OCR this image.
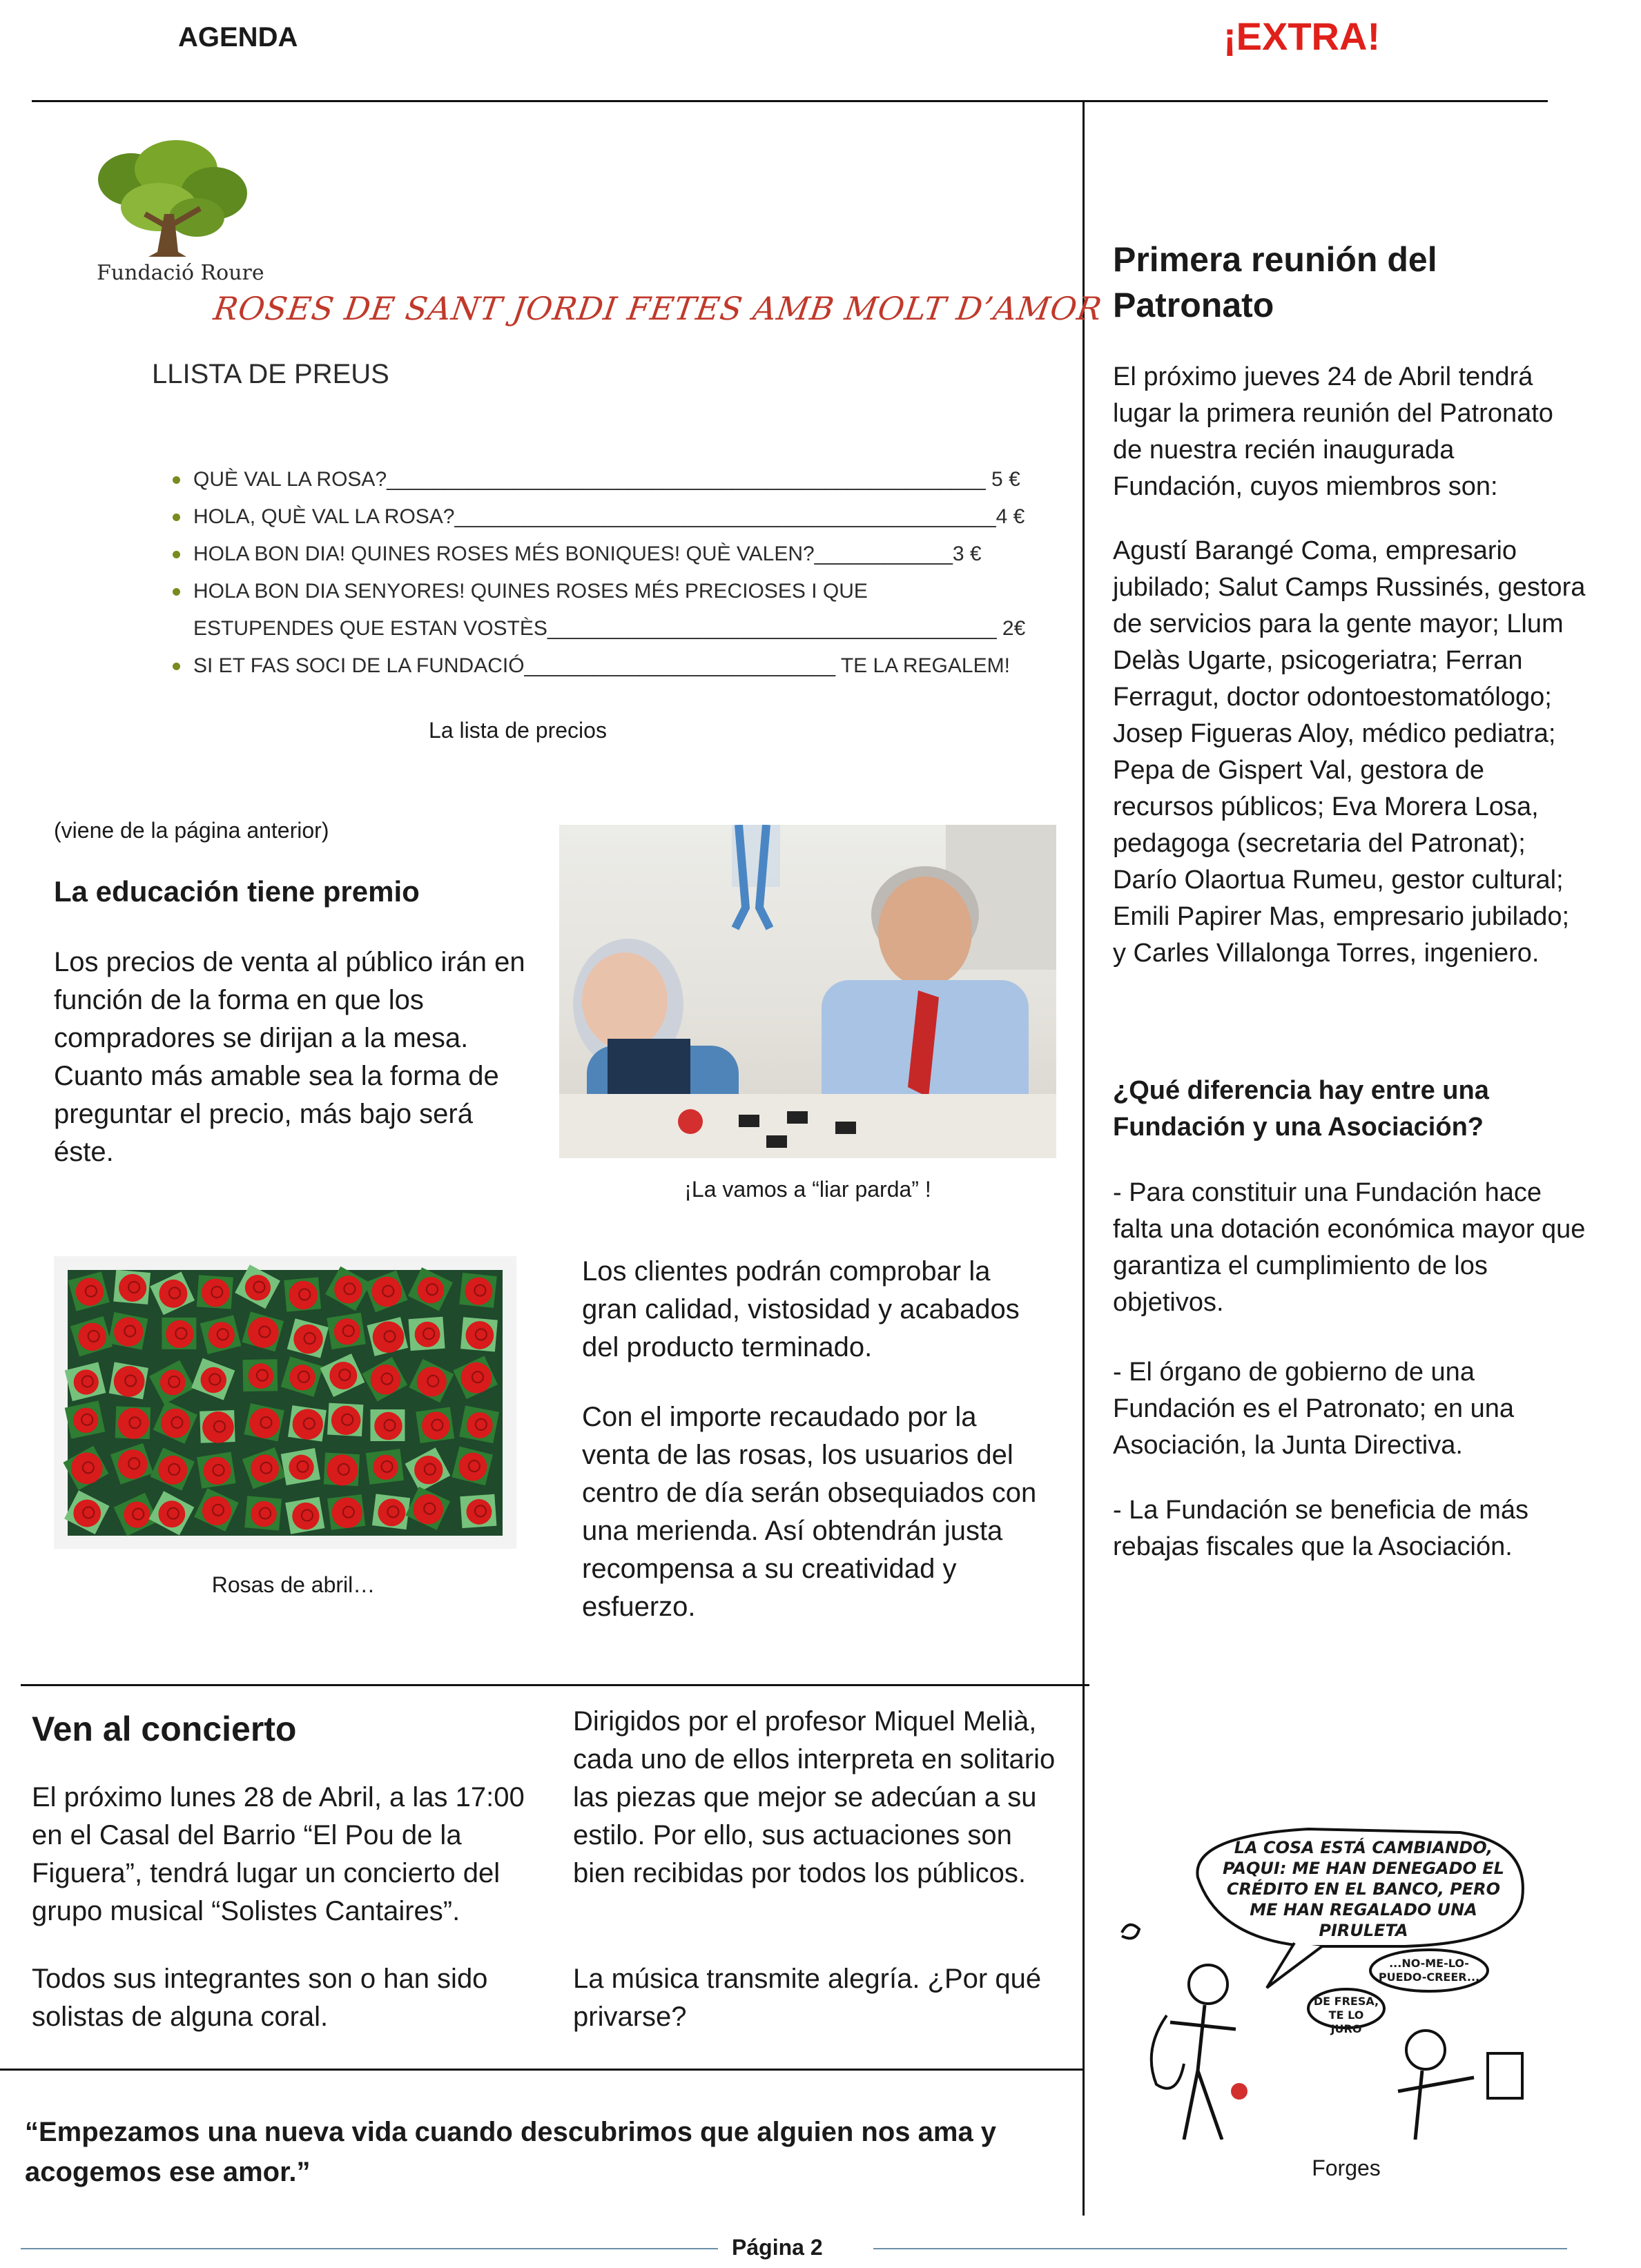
AGENDA	¡EXTRA!
Fundació Roure
ROSES DE SANT JORDI FETES AMB MOLT D’AMOR
LLISTA DE PREUS
QUÈ VAL LA ROSA?____________________________________________________ 5 €
HOLA, QUÈ VAL LA ROSA?_______________________________________________4 €
HOLA BON DIA! QUINES ROSES MÉS BONIQUES! QUÈ VALEN?____________3 €
HOLA BON DIA SENYORES! QUINES ROSES MÉS PRECIOSES I QUE
ESTUPENDES QUE ESTAN VOSTÈS_______________________________________ 2€
SI ET FAS SOCI DE LA FUNDACIÓ___________________________ TE LA REGALEM!
La lista de precios
(viene de la página anterior)
La educación tiene premio

Los precios de venta al público irán en función de la forma en que los compradores se dirijan a la mesa. Cuanto más amable sea la forma de preguntar el precio, más bajo será éste.

¡La vamos a “liar parda” !
Rosas de abril…

Los clientes podrán comprobar la gran calidad, vistosidad y acabados del producto terminado.

Con el importe recaudado por la venta de las rosas, los usuarios del centro de día serán obsequiados con una merienda. Así obtendrán justa recompensa a su creatividad y esfuerzo.

Primera reunión del Patronato

El próximo jueves 24 de Abril tendrá lugar la primera reunión del Patronato de nuestra recién inaugurada Fundación, cuyos miembros son:

Agustí Barangé Coma, empresario jubilado; Salut Camps Russinés, gestora de servicios para la gente mayor; Llum Delàs Ugarte, psicogeriatra; Ferran Ferragut, doctor odontoestomatólogo; Josep Figueras Aloy, médico pediatra; Pepa de Gispert Val, gestora de recursos públicos; Eva Morera Losa, pedagoga (secretaria del Patronat); Darío Olaortua Rumeu, gestor cultural; Emili Papirer Mas, empresario jubilado; y Carles Villalonga Torres, ingeniero.

¿Qué diferencia hay entre una Fundación y una Asociación?

- Para constituir una Fundación hace falta una dotación económica mayor que garantiza el cumplimiento de los objetivos.

- El órgano de gobierno de una Fundación es el Patronato; en una Asociación, la Junta Directiva.

- La Fundación se beneficia de más rebajas fiscales que la Asociación.

LA COSA ESTÁ CAMBIANDO, PAQUI: ME HAN DENEGADO EL CRÉDITO EN EL BANCO, PERO ME HAN REGALADO UNA PIRULETA
...NO-ME-LO-PUEDO-CREER...
DE FRESA, TE LO JURO
Forges
Ven al concierto

El próximo lunes 28 de Abril, a las 17:00 en el Casal del Barrio “El Pou de la Figuera”, tendrá lugar un concierto del grupo musical “Solistes Cantaires”.

Todos sus integrantes son o han sido solistas de alguna coral.

Dirigidos por el profesor Miquel Melià, cada uno de ellos interpreta en solitario las piezas que mejor se adecúan a su estilo. Por ello, sus actuaciones son bien recibidas por todos los públicos.

La música transmite alegría. ¿Por qué privarse?

“Empezamos una nueva vida cuando descubrimos que alguien nos ama y acogemos ese amor.”
Página 2
